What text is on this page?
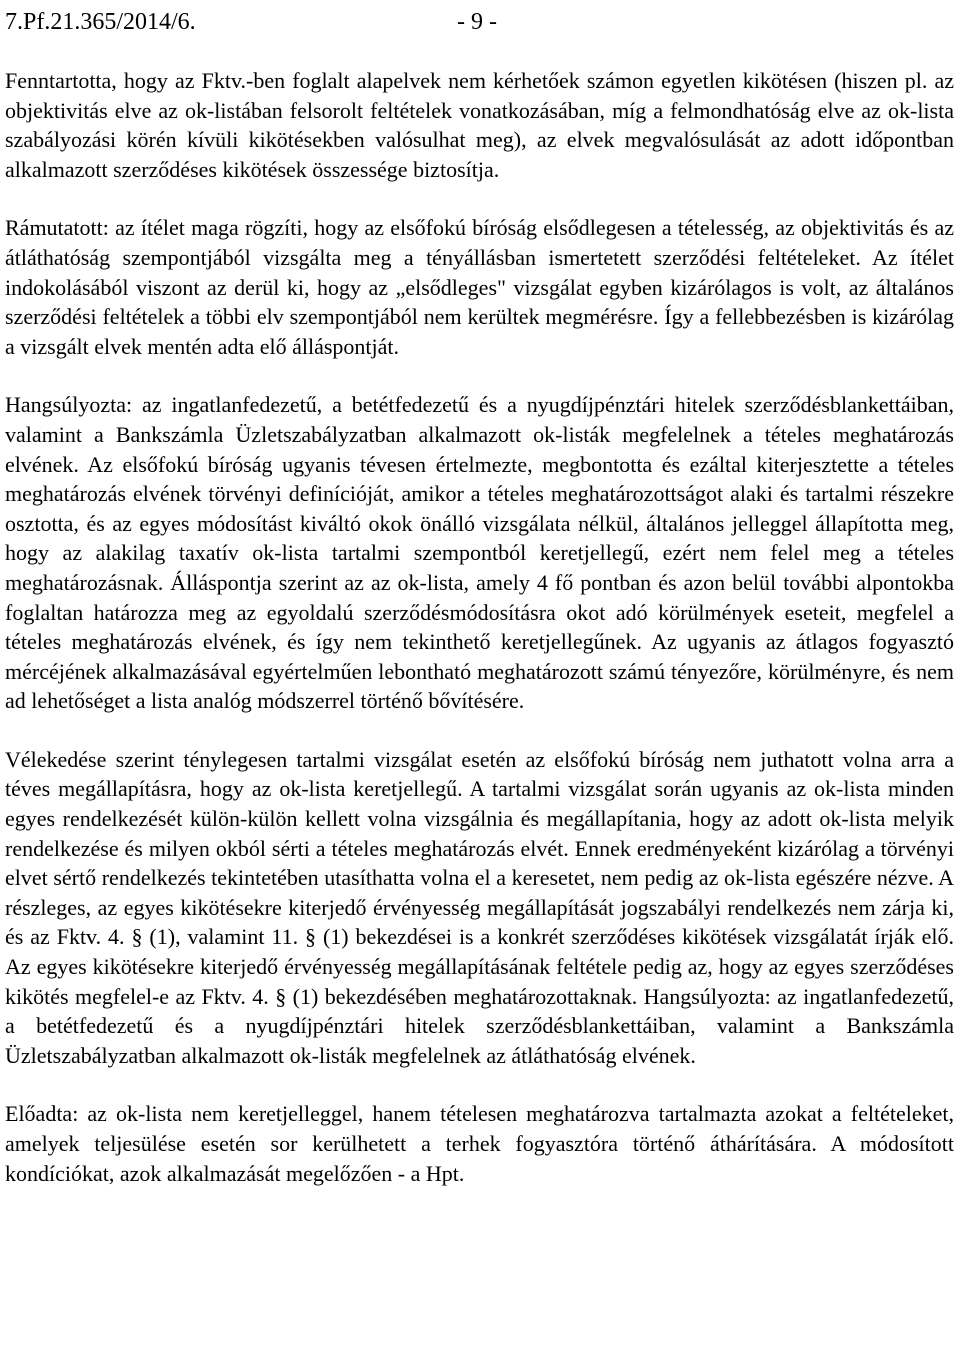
7.Pf.21.365/2014/6.	- 9 -

Fenntartotta, hogy az Fktv.-ben foglalt alapelvek nem kérhetőek számon egyetlen kikötésen (hiszen pl. az objektivitás elve az ok-listában felsorolt feltételek vonatkozásában, míg a felmondhatóság elve az ok-lista szabályozási körén kívüli kikötésekben valósulhat meg), az elvek megvalósulását az adott időpontban alkalmazott szerződéses kikötések összessége biztosítja.

Rámutatott: az ítélet maga rögzíti, hogy az elsőfokú bíróság elsődlegesen a tételesség, az objektivitás és az átláthatóság szempontjából vizsgálta meg a tényállásban ismertetett szerződési feltételeket. Az ítélet indokolásából viszont az derül ki, hogy az „elsődleges" vizsgálat egyben kizárólagos is volt, az általános szerződési feltételek a többi elv szempontjából nem kerültek megmérésre. Így a fellebbezésben is kizárólag a vizsgált elvek mentén adta elő álláspontját.

Hangsúlyozta: az ingatlanfedezetű, a betétfedezetű és a nyugdíjpénztári hitelek szerződésblankettáiban, valamint a Bankszámla Üzletszabályzatban alkalmazott ok-listák megfelelnek a tételes meghatározás elvének. Az elsőfokú bíróság ugyanis tévesen értelmezte, megbontotta és ezáltal kiterjesztette a tételes meghatározás elvének törvényi definícióját, amikor a tételes meghatározottságot alaki és tartalmi részekre osztotta, és az egyes módosítást kiváltó okok önálló vizsgálata nélkül, általános jelleggel állapította meg, hogy az alakilag taxatív ok-lista tartalmi szempontból keretjellegű, ezért nem felel meg a tételes meghatározásnak. Álláspontja szerint az az ok-lista, amely 4 fő pontban és azon belül további alpontokba foglaltan határozza meg az egyoldalú szerződésmódosításra okot adó körülmények eseteit, megfelel a tételes meghatározás elvének, és így nem tekinthető keretjellegűnek. Az ugyanis az átlagos fogyasztó mércéjének alkalmazásával egyértelműen lebontható meghatározott számú tényezőre, körülményre, és nem ad lehetőséget a lista analóg módszerrel történő bővítésére.

Vélekedése szerint ténylegesen tartalmi vizsgálat esetén az elsőfokú bíróság nem juthatott volna arra a téves megállapításra, hogy az ok-lista keretjellegű. A tartalmi vizsgálat során ugyanis az ok-lista minden egyes rendelkezését külön-külön kellett volna vizsgálnia és megállapítania, hogy az adott ok-lista melyik rendelkezése és milyen okból sérti a tételes meghatározás elvét. Ennek eredményeként kizárólag a törvényi elvet sértő rendelkezés tekintetében utasíthatta volna el a keresetet, nem pedig az ok-lista egészére nézve. A részleges, az egyes kikötésekre kiterjedő érvényesség megállapítását jogszabályi rendelkezés nem zárja ki, és az Fktv. 4. § (1), valamint 11. § (1) bekezdései is a konkrét szerződéses kikötések vizsgálatát írják elő. Az egyes kikötésekre kiterjedő érvényesség megállapításának feltétele pedig az, hogy az egyes szerződéses kikötés megfelel-e az Fktv. 4. § (1) bekezdésében meghatározottaknak. Hangsúlyozta: az ingatlanfedezetű, a betétfedezetű és a nyugdíjpénztári hitelek szerződésblankettáiban, valamint a Bankszámla Üzletszabályzatban alkalmazott ok-listák megfelelnek az átláthatóság elvének.

Előadta: az ok-lista nem keretjelleggel, hanem tételesen meghatározva tartalmazta azokat a feltételeket, amelyek teljesülése esetén sor kerülhetett a terhek fogyasztóra történő áthárítására. A módosított kondíciókat, azok alkalmazását megelőzően - a Hpt.
